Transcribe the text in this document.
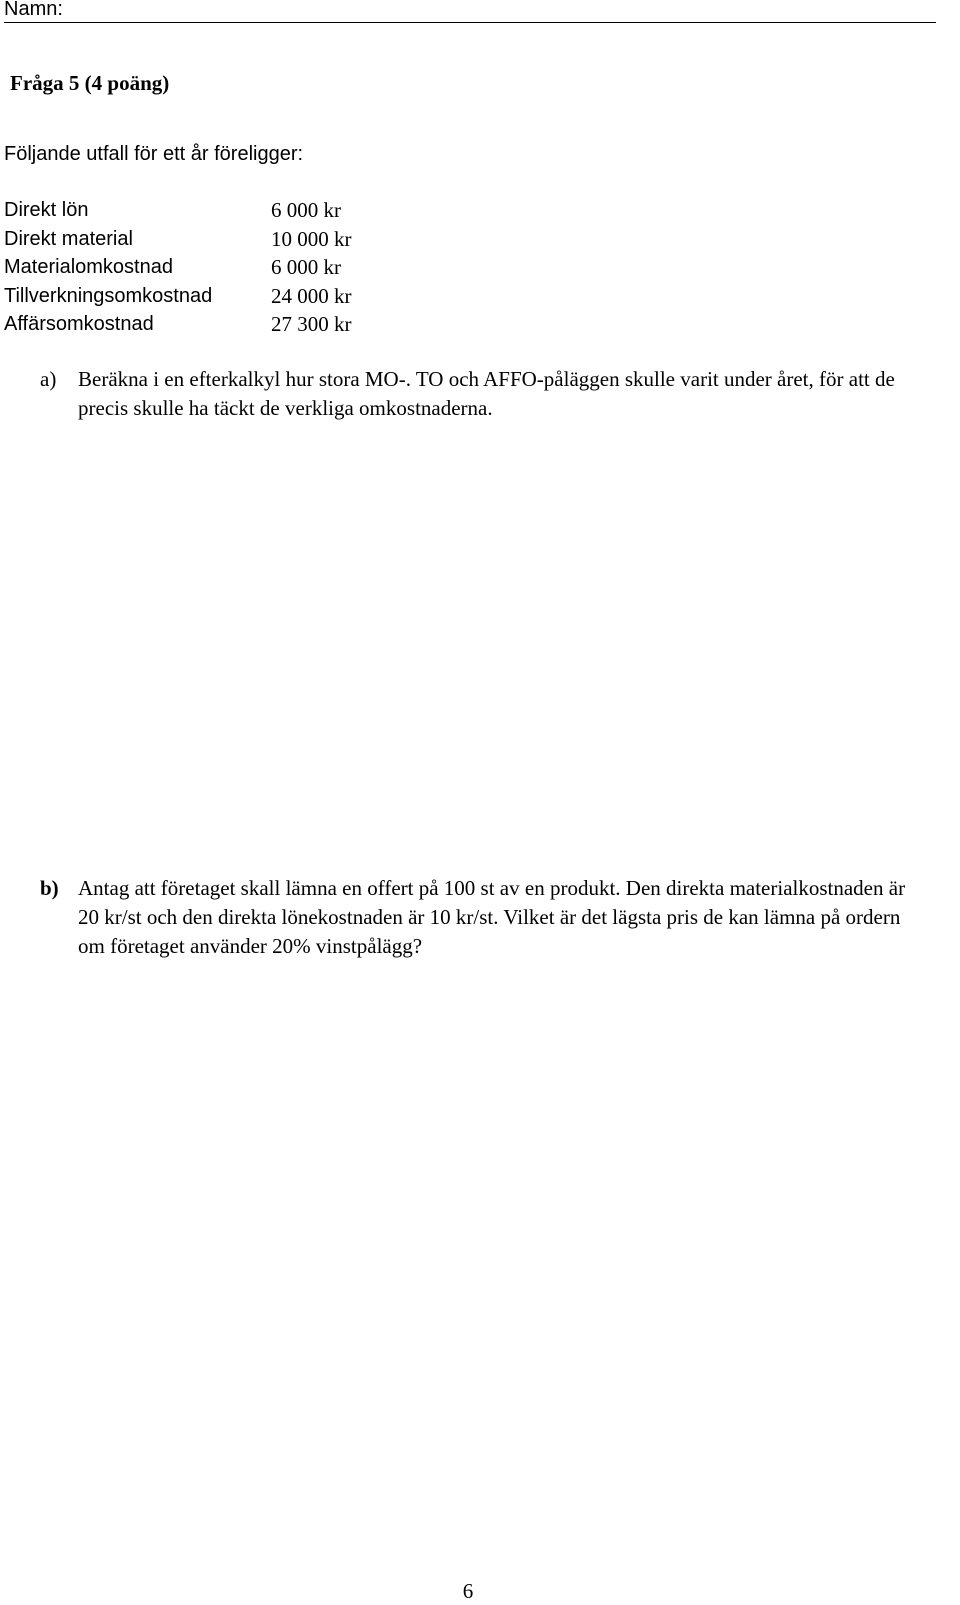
Namn:
Fråga 5 (4 poäng)
Följande utfall för ett år föreligger:
Direkt lön	6 000 kr
Direkt material	10 000 kr
Materialomkostnad	6 000 kr
Tillverkningsomkostnad	24 000 kr
Affärsomkostnad	27 300 kr
a)	Beräkna i en efterkalkyl hur stora MO-. TO och AFFO-påläggen skulle varit under året, för att de precis skulle ha täckt de verkliga omkostnaderna.
b) Antag att företaget skall lämna en offert på 100 st av en produkt. Den direkta materialkostnaden är 20 kr/st och den direkta lönekostnaden är 10 kr/st. Vilket är det lägsta pris de kan lämna på ordern om företaget använder 20% vinstpålägg?
6
